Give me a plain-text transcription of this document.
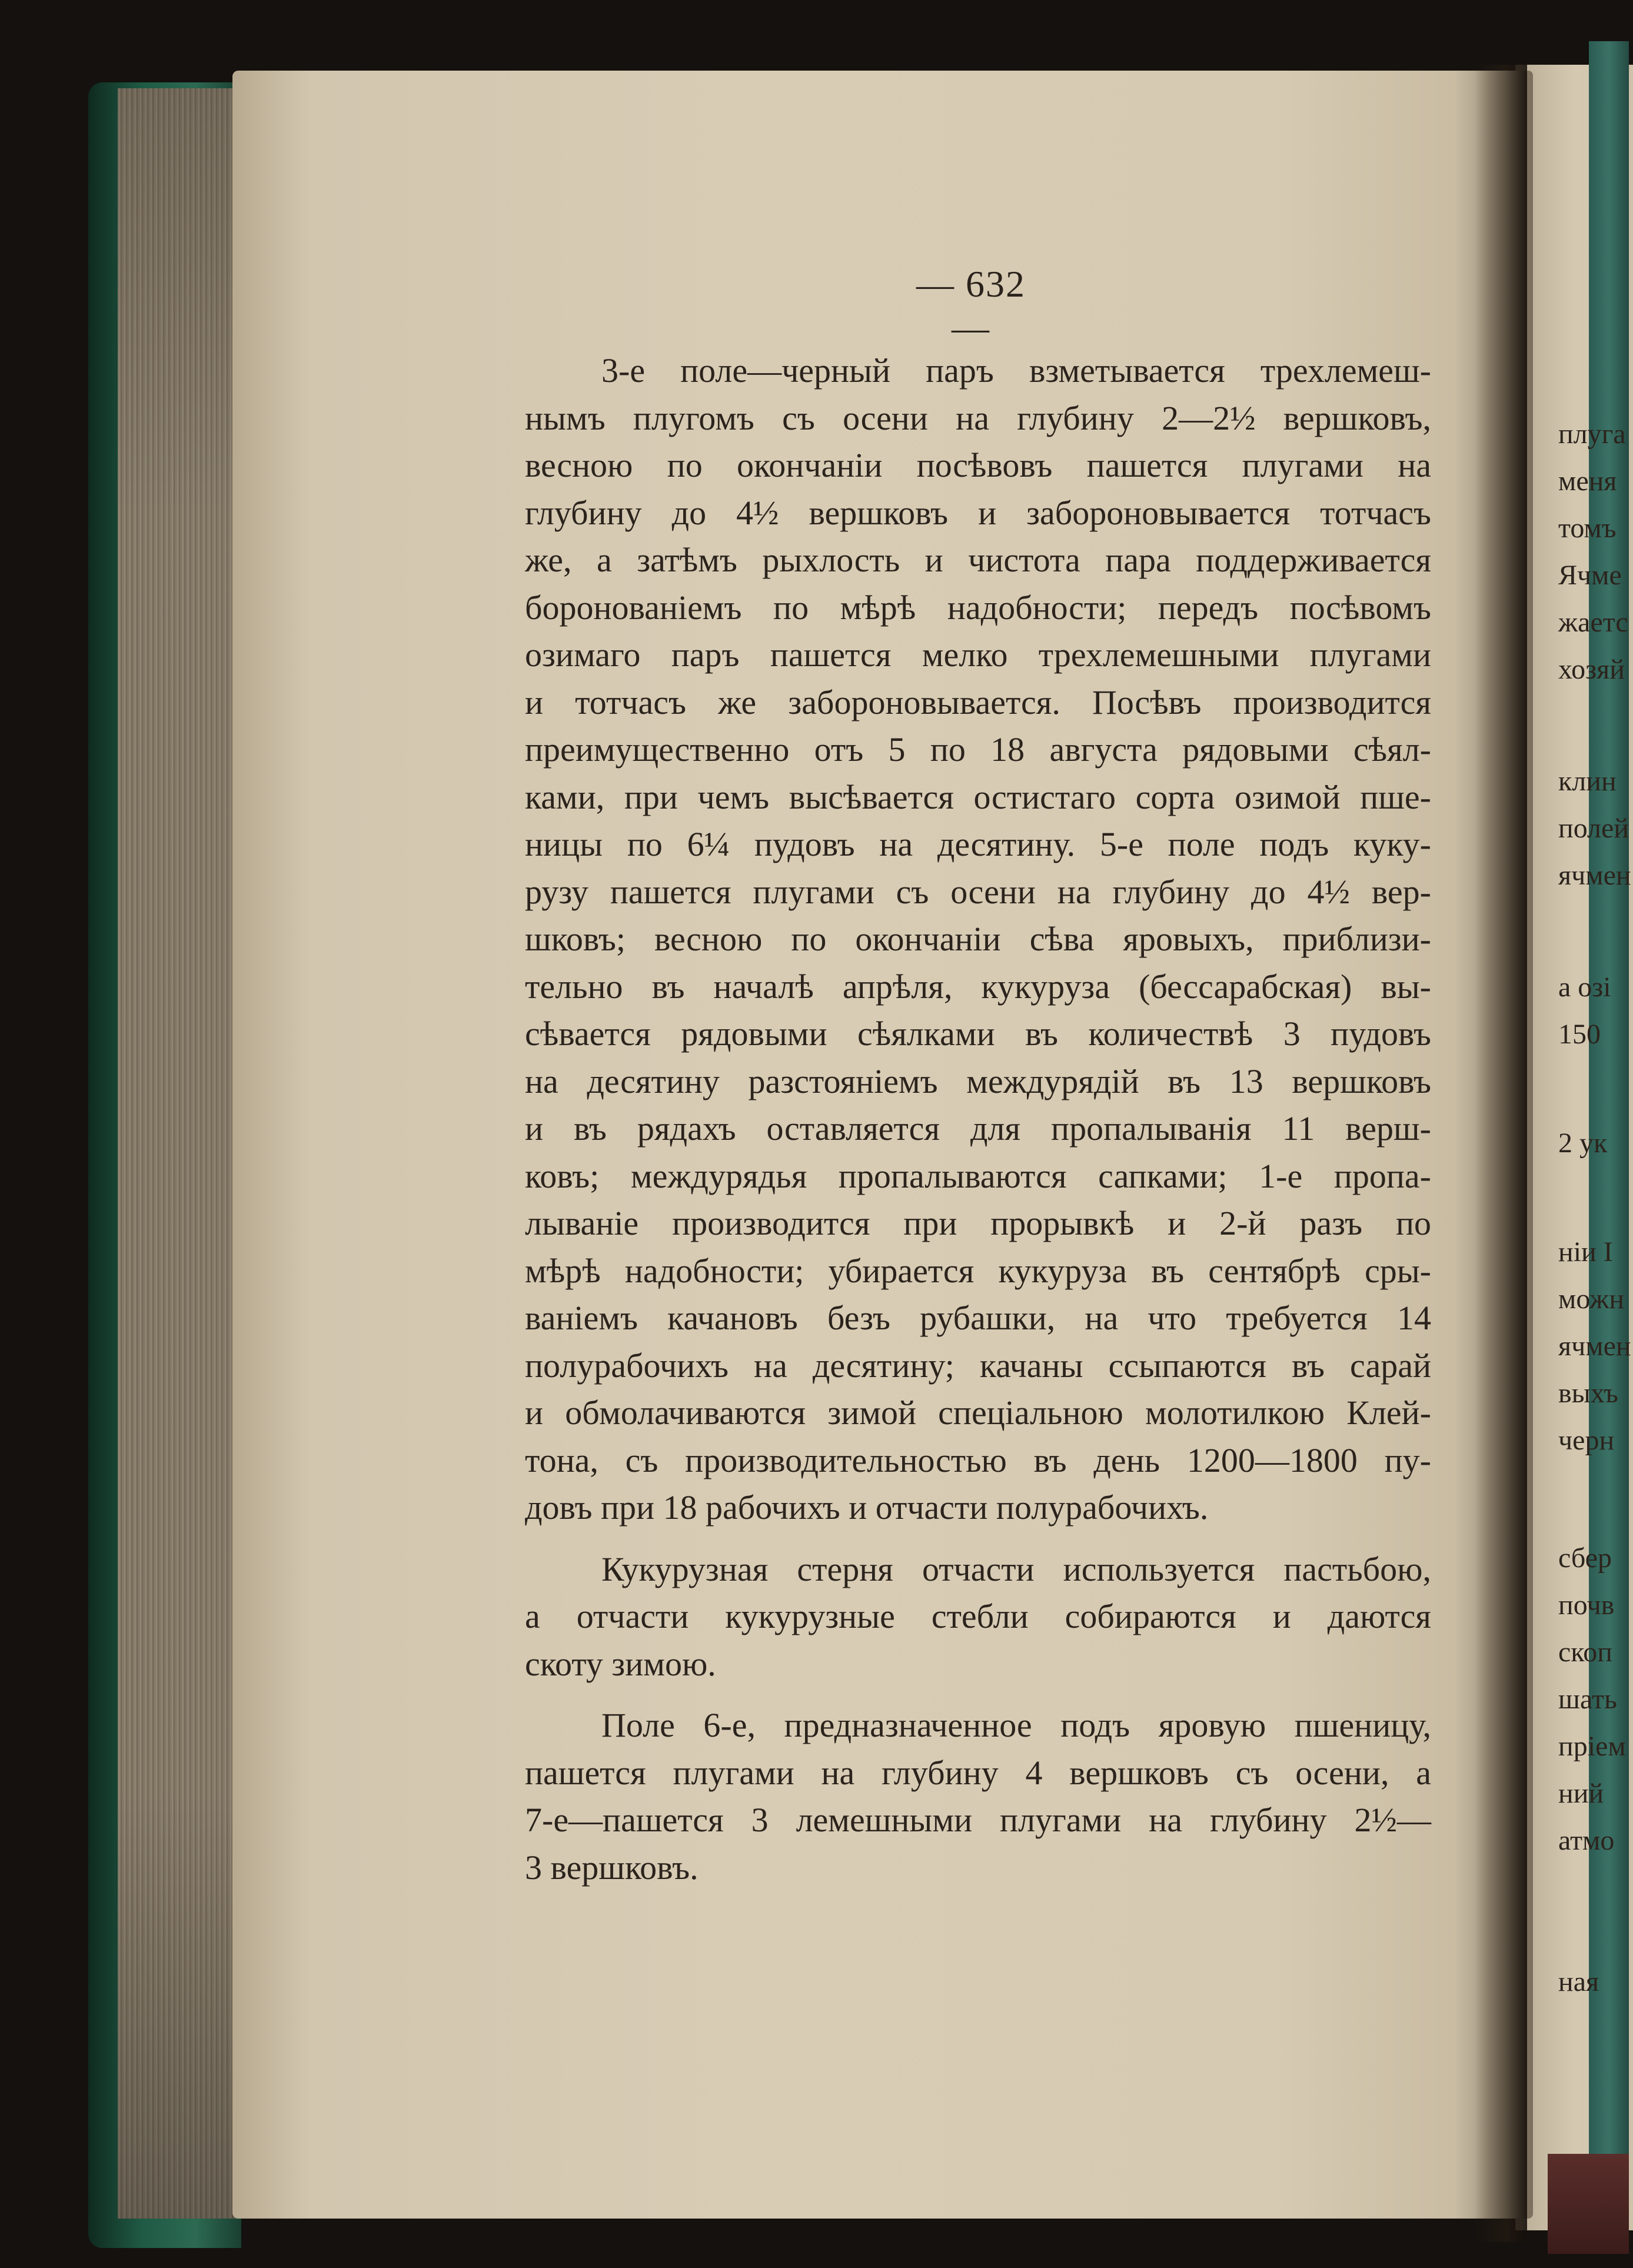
— 632 —
3-е поле—черный паръ взметывается трехлемеш-
нымъ плугомъ съ осени на глубину 2—2½ вершковъ,
весною по окончанiи посѣвовъ пашется плугами на
глубину до 4½ вершковъ и забороновывается тотчасъ
же, а затѣмъ рыхлость и чистота пара поддерживается
боронованiемъ по мѣрѣ надобности; передъ посѣвомъ
озимаго паръ пашется мелко трехлемешными плугами
и тотчасъ же забороновывается. Посѣвъ производится
преимущественно отъ 5 по 18 августа рядовыми сѣял-
ками, при чемъ высѣвается остистаго сорта озимой пше-
ницы по 6¼ пудовъ на десятину. 5-е поле подъ куку-
рузу пашется плугами съ осени на глубину до 4½ вер-
шковъ; весною по окончанiи сѣва яровыхъ, приблизи-
тельно въ началѣ апрѣля, кукуруза (бессарабская) вы-
сѣвается рядовыми сѣялками въ количествѣ 3 пудовъ
на десятину разстоянiемъ междурядiй въ 13 вершковъ
и въ рядахъ оставляется для пропалыванiя 11 верш-
ковъ; междурядья пропалываются сапками; 1-е пропа-
лыванiе производится при прорывкѣ и 2-й разъ по
мѣрѣ надобности; убирается кукуруза въ сентябрѣ сры-
ванiемъ качановъ безъ рубашки, на что требуется 14
полурабочихъ на десятину; качаны ссыпаются въ сарай
и обмолачиваются зимой спецiальною молотилкою Клей-
тона, съ производительностью въ день 1200—1800 пу-
довъ при 18 рабочихъ и отчасти полурабочихъ.
Кукурузная стерня отчасти используется пастьбою,
а отчасти кукурузные стебли собираются и даются
скоту зимою.
Поле 6-е, предназначенное подъ яровую пшеницу,
пашется плугами на глубину 4 вершковъ съ осени, а
7-е—пашется 3 лемешными плугами на глубину 2½—
3 вершковъ.
плуга
меня
томъ
Ячме
жаетс
хозяй
клин
полей
ячмен
а озі
150
2 ук
нiи I
можн
ячмен
выхъ
черн
сбер
почв
скоп
шать
прiем
ний
атмо
ная
